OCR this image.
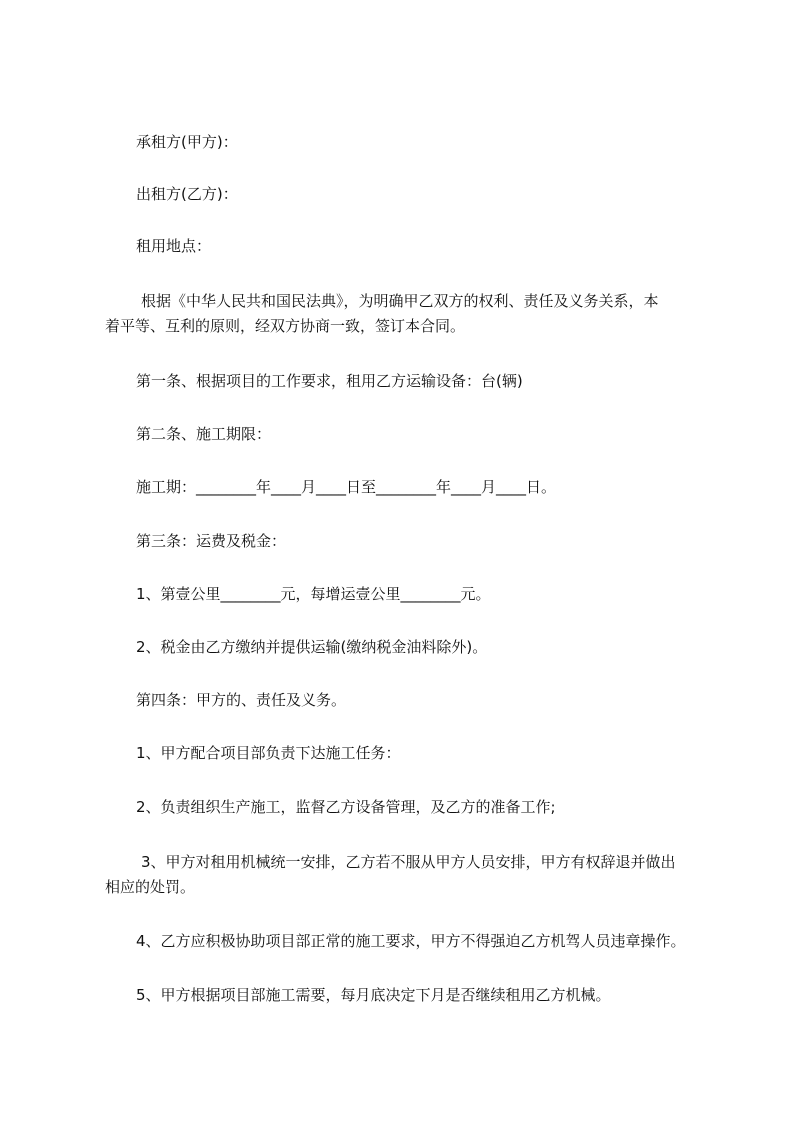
承租方(甲方)：
出租方(乙方)：
租用地点：
根据《中华人民共和国民法典》，为明确甲乙双方的权利、责任及义务关系，本
着平等、互利的原则，经双方协商一致，签订本合同。
第一条、根据项目的工作要求，租用乙方运输设备：台(辆)
第二条、施工期限：
施工期：________年____月____日至________年____月____日。
第三条：运费及税金：
1、第壹公里________元，每增运壹公里________元。
2、税金由乙方缴纳并提供运输(缴纳税金油料除外)。
第四条：甲方的、责任及义务。
1、甲方配合项目部负责下达施工任务：
2、负责组织生产施工，监督乙方设备管理，及乙方的准备工作;
3、甲方对租用机械统一安排，乙方若不服从甲方人员安排，甲方有权辞退并做出
相应的处罚。
4、乙方应积极协助项目部正常的施工要求，甲方不得强迫乙方机驾人员违章操作。
5、甲方根据项目部施工需要，每月底决定下月是否继续租用乙方机械。
